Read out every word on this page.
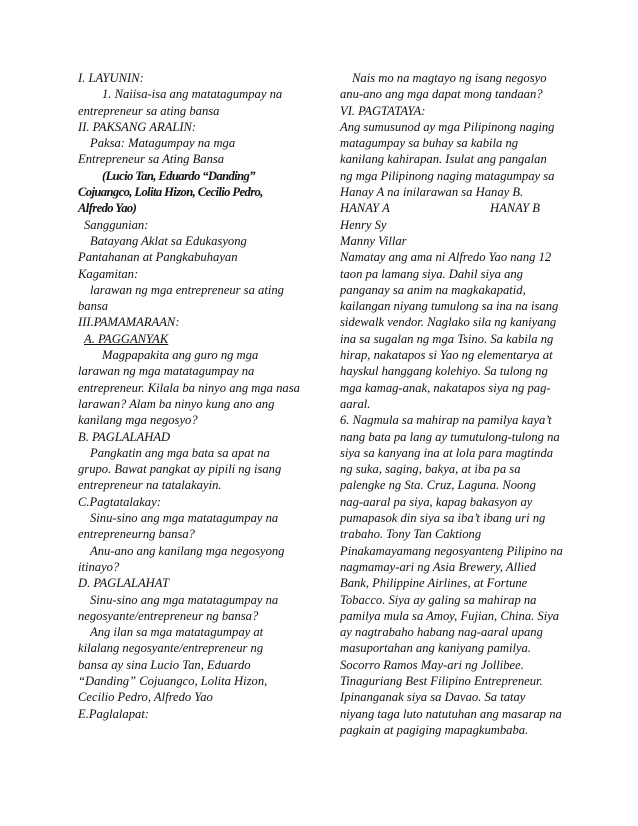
I. LAYUNIN:
1. Naiisa-isa ang matatagumpay na
entrepreneur sa ating bansa
II. PAKSANG ARALIN:
Paksa: Matagumpay na mga
Entrepreneur sa Ating Bansa
(Lucio Tan, Eduardo “Danding”
Cojuangco, Lolita Hizon, Cecilio Pedro,
Alfredo Yao)
Sanggunian:
Batayang Aklat sa Edukasyong
Pantahanan at Pangkabuhayan
Kagamitan:
larawan ng mga entrepreneur sa ating
bansa
III.PAMAMARAAN:
A. PAGGANYAK
Magpapakita ang guro ng mga
larawan ng mga matatagumpay na
entrepreneur. Kilala ba ninyo ang mga nasa
larawan? Alam ba ninyo kung ano ang
kanilang mga negosyo?
B. PAGLALAHAD
Pangkatin ang mga bata sa apat na
grupo. Bawat pangkat ay pipili ng isang
entrepreneur na tatalakayin.
C.Pagtatalakay:
Sinu-sino ang mga matatagumpay na
entrepreneurng bansa?
Anu-ano ang kanilang mga negosyong
itinayo?
D. PAGLALAHAT
Sinu-sino ang mga matatagumpay na
negosyante/entrepreneur ng bansa?
Ang ilan sa mga matatagumpay at
kilalang negosyante/entrepreneur ng
bansa ay sina Lucio Tan, Eduardo
“Danding” Cojuangco, Lolita Hizon,
Cecilio Pedro, Alfredo Yao
E.Paglalapat:
Nais mo na magtayo ng isang negosyo
anu-ano ang mga dapat mong tandaan?
VI. PAGTATAYA:
Ang sumusunod ay mga Pilipinong naging
matagumpay sa buhay sa kabila ng
kanilang kahirapan. Isulat ang pangalan
ng mga Pilipinong naging matagumpay sa
Hanay A na inilarawan sa Hanay B.
HANAY A	HANAY B
Henry Sy
Manny Villar
Namatay ang ama ni Alfredo Yao nang 12
taon pa lamang siya. Dahil siya ang
panganay sa anim na magkakapatid,
kailangan niyang tumulong sa ina na isang
sidewalk vendor. Naglako sila ng kaniyang
ina sa sugalan ng mga Tsino. Sa kabila ng
hirap, nakatapos si Yao ng elementarya at
hayskul hanggang kolehiyo. Sa tulong ng
mga kamag-anak, nakatapos siya ng pag-
aaral.
6. Nagmula sa mahirap na pamilya kaya’t
nang bata pa lang ay tumutulong-tulong na
siya sa kanyang ina at lola para magtinda
ng suka, saging, bakya, at iba pa sa
palengke ng Sta. Cruz, Laguna. Noong
nag-aaral pa siya, kapag bakasyon ay
pumapasok din siya sa iba’t ibang uri ng
trabaho. Tony Tan Caktiong
Pinakamayamang negosyanteng Pilipino na
nagmamay-ari ng Asia Brewery, Allied
Bank, Philippine Airlines, at Fortune
Tobacco. Siya ay galing sa mahirap na
pamilya mula sa Amoy, Fujian, China. Siya
ay nagtrabaho habang nag-aaral upang
masuportahan ang kaniyang pamilya.
Socorro Ramos May-ari ng Jollibee.
Tinaguriang Best Filipino Entrepreneur.
Ipinanganak siya sa Davao. Sa tatay
niyang taga luto natutuhan ang masarap na
pagkain at pagiging mapagkumbaba.
